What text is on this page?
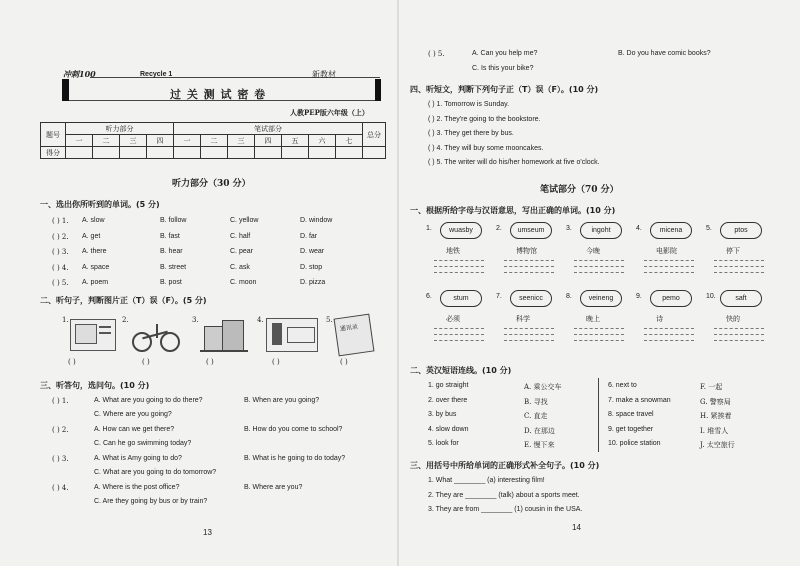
冲刺100	Recycle 1	新教材
过 关 测 试 密 卷
人教PEP版六年级（上）
题号	听力部分				笔试部分							总分
	一	二	三	四	一	二	三	四	五	六	七	
得分												
听力部分（30 分）
一、选出你所听到的单词。(5 分)
( ) 1. A. slow	B. follow	C. yellow	D. window
( ) 2. A. get	B. fast	C. half	D. far
( ) 3. A. there	B. hear	C. pear	D. wear
( ) 4. A. space	B. street	C. ask	D. stop
( ) 5. A. poem	B. post	C. moon	D. pizza
二、听句子，判断图片正（T）误（F）。(5 分)
1.	2.	3.	4.	5.
通讯录
( )	( )	( )	( )	( )
三、听答句，选问句。(10 分)
( ) 1.	A. What are you going to do there?	B. When are you going?
C. Where are you going?
( ) 2.	A. How can we get there?	B. How do you come to school?
C. Can he go swimming today?
( ) 3.	A. What is Amy going to do?	B. What is he going to do today?
C. What are you going to do tomorrow?
( ) 4.	A. Where is the post office?	B. Where are you?
C. Are they going by bus or by train?
13
( ) 5.	A. Can you help me?	B. Do you have comic books?
C. Is this your bike?
四、听短文，判断下列句子正（T）误（F）。(10 分)
( ) 1. Tomorrow is Sunday.
( ) 2. They're going to the bookstore.
( ) 3. They get there by bus.
( ) 4. They will buy some mooncakes.
( ) 5. The writer will do his/her homework at five o'clock.
笔试部分（70 分）
一、根据所给字母与汉语意思，写出正确的单词。(10 分)
1.	wuasby
地铁
2.	umseum
博物馆
3.	ingoht
今晚
4.	micena
电影院
5.	ptos
停下
6.	stum
必须
7.	seenicc
科学
8.	veineng
晚上
9.	pemo
诗
10.	saft
快的
二、英汉短语连线。(10 分)
1. go straight	A. 乘公交车	6. next to	F. 一起
2. over there	B. 寻找	7. make a snowman	G. 警察局
3. by bus	C. 直走	8. space travel	H. 紧挨着
4. slow down	D. 在那边	9. get together	I. 堆雪人
5. look for	E. 慢下来	10. police station	J. 太空旅行
三、用括号中所给单词的正确形式补全句子。(10 分)
1. What ________ (a) interesting film!
2. They are ________ (talk) about a sports meet.
3. They are from ________ (1) cousin in the USA.
14
